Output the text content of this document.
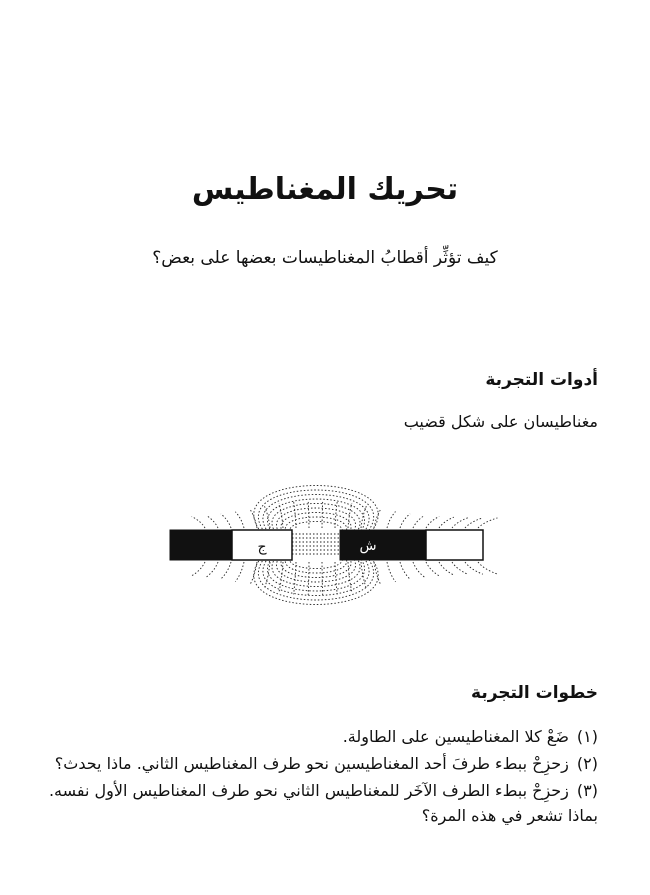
تحريك المغناطيس
كيف تؤثِّر أقطابُ المغناطيسات بعضها على بعض؟
أدوات التجربة
مغناطيسان على شكل قضيب
ج	ش
خطوات التجربة
(١)ضَعْ كلا المغناطيسين على الطاولة.
(٢)زحزِحْ ببطء طرفَ أحد المغناطيسين نحو طرف المغناطيس الثاني. ماذا يحدث؟
(٣)زحزِحْ ببطء الطرف الآخَر للمغناطيس الثاني نحو طرف المغناطيس الأول نفسه.
بماذا تشعر في هذه المرة؟
